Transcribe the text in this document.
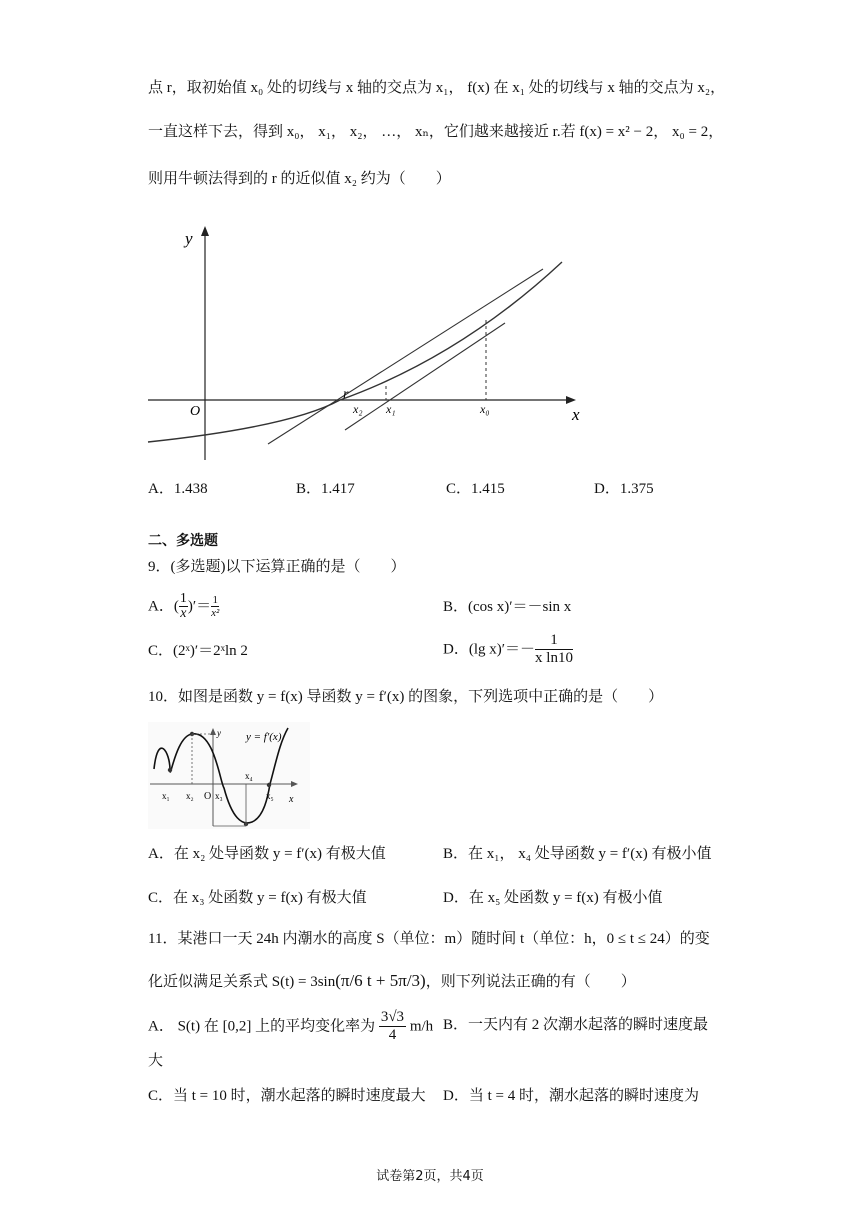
点 r，取初始值 x₀ 处的切线与 x 轴的交点为 x₁， f(x) 在 x₁ 处的切线与 x 轴的交点为 x₂，
一直这样下去，得到 x₀， x₁， x₂， …， xₙ，它们越来越接近 r.若 f(x) = x² − 2， x₀ = 2，
则用牛顿法得到的 r 的近似值 x₂ 约为（　　）
y
x
O
r
x₂ x₁	x₀
A．1.438	B．1.417	C．1.415	D．1.375
二、多选题
9．(多选题)以下运算正确的是（　　）
A．( $\frac{1}{x}$ )′＝ $\frac{1}{\text{x²}}$	B．(cos x)′＝－sin x
C．(2ˣ)′＝2ˣln 2	D．(lg $x)'=- \frac{1}{\text{x ln10}}$
10．如图是函数 y = f(x) 导函数 y = f′(x) 的图象，下列选项中正确的是（　　）
y = f′(x)
y
x
O
x₁ x₂ x₃
x₄
x₅
A．在 x₂ 处导函数 y = f′(x) 有极大值	B．在 x₁， x₄ 处导函数 y = f′(x) 有极小值
C．在 x₃ 处函数 y = f(x) 有极大值	D．在 x₅ 处函数 y = f(x) 有极小值
11．某港口一天 24h 内潮水的高度 S（单位：m）随时间 t（单位：h，0 ≤ t ≤ 24）的变
化近似满足关系式 S(t) = 3sin(π/6 t + 5π/3)，则下列说法正确的有（　　）
A． S(t) 在 [0,2] 上的平均变化率为 $\frac{3√3}{4} m/h$ B．一天内有 2 次潮水起落的瞬时速度最
大
C．当 t = 10 时，潮水起落的瞬时速度最大 D．当 t = 4 时，潮水起落的瞬时速度为
试卷第2页，共4页
